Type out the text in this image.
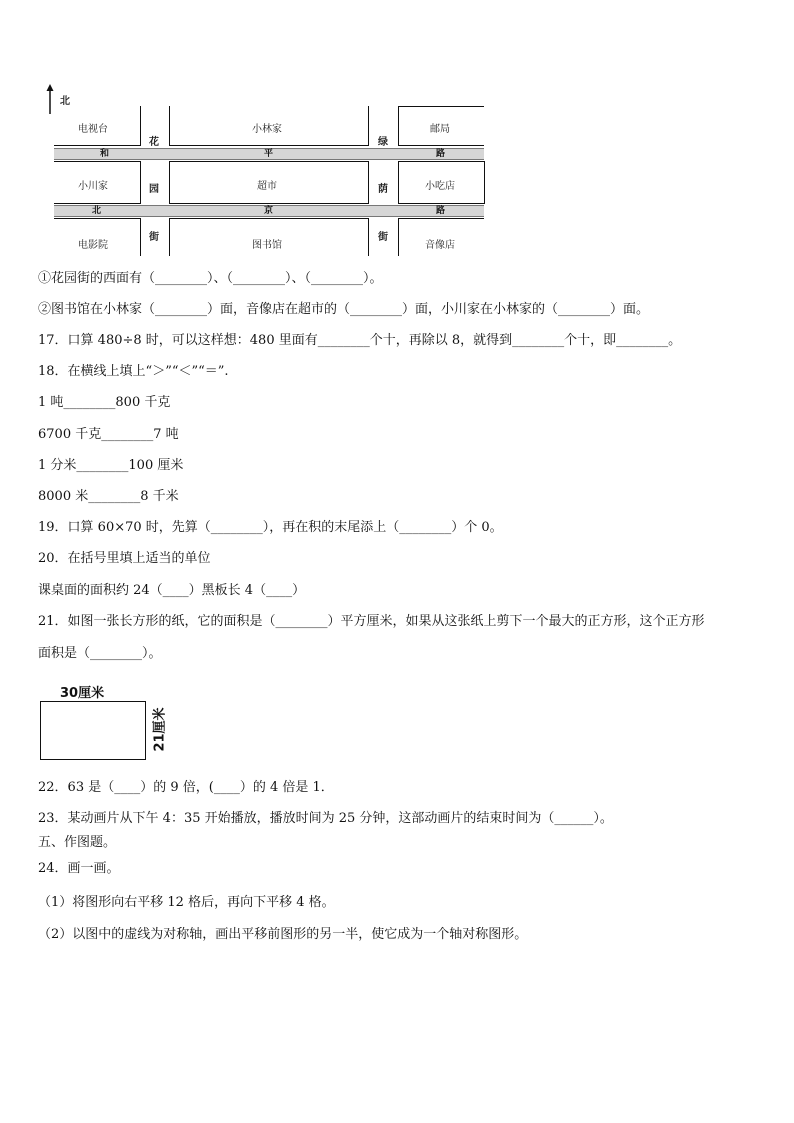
北
电视台	小林家	邮局
和	平	路
小川家	超市	小吃店
北	京	路
电影院	图书馆	音像店
花
园
街
绿
荫
街
①花园街的西面有（________）、（________）、（________）。
②图书馆在小林家（________）面，音像店在超市的（________）面，小川家在小林家的（________）面。
17．口算 480÷8 时，可以这样想：480 里面有________个十，再除以 8，就得到________个十，即________。
18．在横线上填上“＞”“＜”“＝”.
1 吨________800 千克
6700 千克________7 吨
1 分米________100 厘米
8000 米________8 千米
19．口算 60×70 时，先算（________），再在积的末尾添上（________）个 0。
20．在括号里填上适当的单位
课桌面的面积约 24（____）黑板长 4（____）
21．如图一张长方形的纸，它的面积是（________）平方厘米，如果从这张纸上剪下一个最大的正方形，这个正方形
面积是（________）。
30厘米
21厘米
22．63 是（____）的 9 倍，(____）的 4 倍是 1．
23．某动画片从下午 4：35 开始播放，播放时间为 25 分钟，这部动画片的结束时间为（______）。
五、作图题。
24．画一画。
（1）将图形向右平移 12 格后，再向下平移 4 格。
（2）以图中的虚线为对称轴，画出平移前图形的另一半，使它成为一个轴对称图形。
